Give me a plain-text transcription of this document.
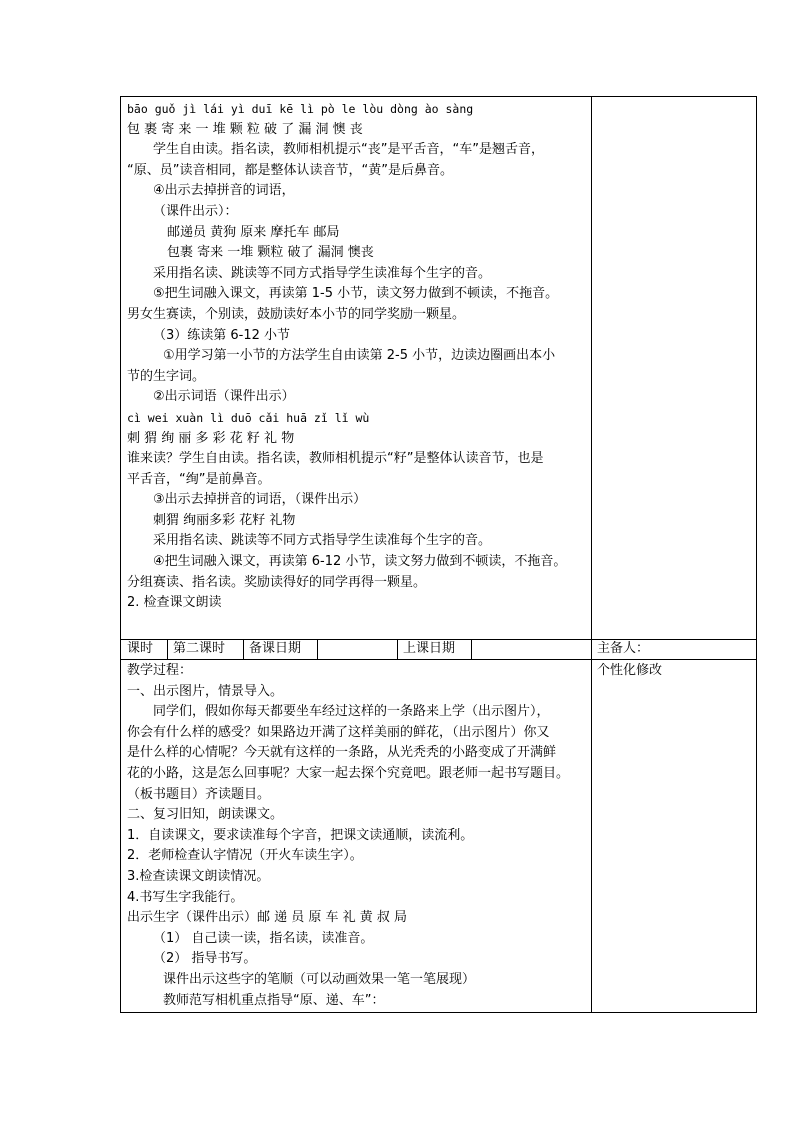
bāo guǒ jì lái yì duī kē lì pò le lòu dòng ào sàng
包 裹 寄 来 一 堆 颗 粒 破 了 漏 洞 懊 丧
学生自由读。指名读，教师相机提示“丧”是平舌音，“车”是翘舌音，
“原、员”读音相同，都是整体认读音节，“黄”是后鼻音。
④出示去掉拼音的词语，
（课件出示）：
邮递员 黄狗 原来 摩托车 邮局
包裹 寄来 一堆 颗粒 破了 漏洞 懊丧
采用指名读、跳读等不同方式指导学生读准每个生字的音。
⑤把生词融入课文，再读第 1-5 小节，读文努力做到不顿读，不拖音。
男女生赛读，个别读，鼓励读好本小节的同学奖励一颗星。
（3）练读第 6-12 小节
①用学习第一小节的方法学生自由读第 2-5 小节，边读边圈画出本小
节的生字词。
②出示词语（课件出示）
cì wei xuàn lì duō cǎi huā zǐ lǐ wù
刺 猬 绚 丽 多 彩 花 籽 礼 物
谁来读？学生自由读。指名读，教师相机提示“籽”是整体认读音节，也是
平舌音，“绚”是前鼻音。
③出示去掉拼音的词语，（课件出示）
刺猬 绚丽多彩 花籽 礼物
采用指名读、跳读等不同方式指导学生读准每个生字的音。
④把生词融入课文，再读第 6-12 小节，读文努力做到不顿读，不拖音。
分组赛读、指名读。奖励读得好的同学再得一颗星。
2. 检查课文朗读
课时 第二课时 备课日期	上课日期	主备人：
个性化修改
教学过程：
一、出示图片，情景导入。
同学们，假如你每天都要坐车经过这样的一条路来上学（出示图片），
你会有什么样的感受？如果路边开满了这样美丽的鲜花，（出示图片）你又
是什么样的心情呢？今天就有这样的一条路，从光秃秃的小路变成了开满鲜
花的小路，这是怎么回事呢？大家一起去探个究竟吧。跟老师一起书写题目。
（板书题目）齐读题目。
二、复习旧知，朗读课文。
1．自读课文，要求读准每个字音，把课文读通顺，读流利。
2．老师检查认字情况（开火车读生字）。
3.检查读课文朗读情况。
4.书写生字我能行。
出示生字（课件出示）邮 递 员 原 车 礼 黄 叔 局
（1） 自己读一读，指名读，读准音。
（2） 指导书写。
课件出示这些字的笔顺（可以动画效果一笔一笔展现）
教师范写相机重点指导“原、递、车”：
